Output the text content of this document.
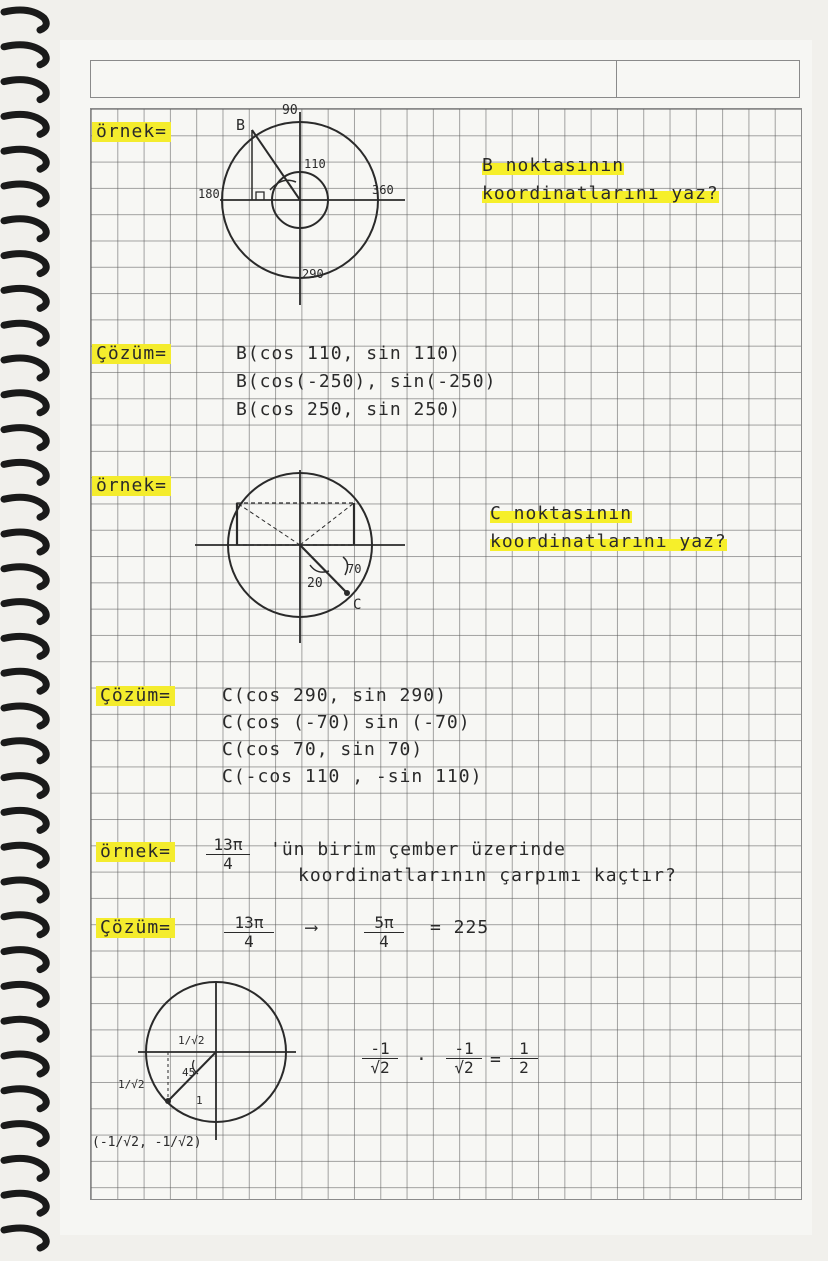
örnek=	B
90
110
180	360
290
B noktasının
koordinatlarını yaz?
Çözüm=	B(cos 110, sin 110)
B(cos(-250), sin(-250)
B(cos 250, sin 250)
örnek=
20
70
C
C noktasının
koordinatlarını yaz?
Çözüm=	C(cos 290, sin 290)
C(cos (-70) sin (-70)
C(cos 70, sin 70)
C(-cos 110 , -sin 110)
örnek= $\frac{13\pi}{4}$ 'ün birim çember üzerinde
koordinatlarının çarpımı kaçtır?
Çözüm=	$\frac{13\pi}{4}$ ⟶	$\frac{5\pi}{4} = 225$
1/√2
1/√2
45
1
(-1/√2, -1/√2)
$\frac{-1}{√2} \cdot \frac{-1}{√2} = \frac{1}{2}$
